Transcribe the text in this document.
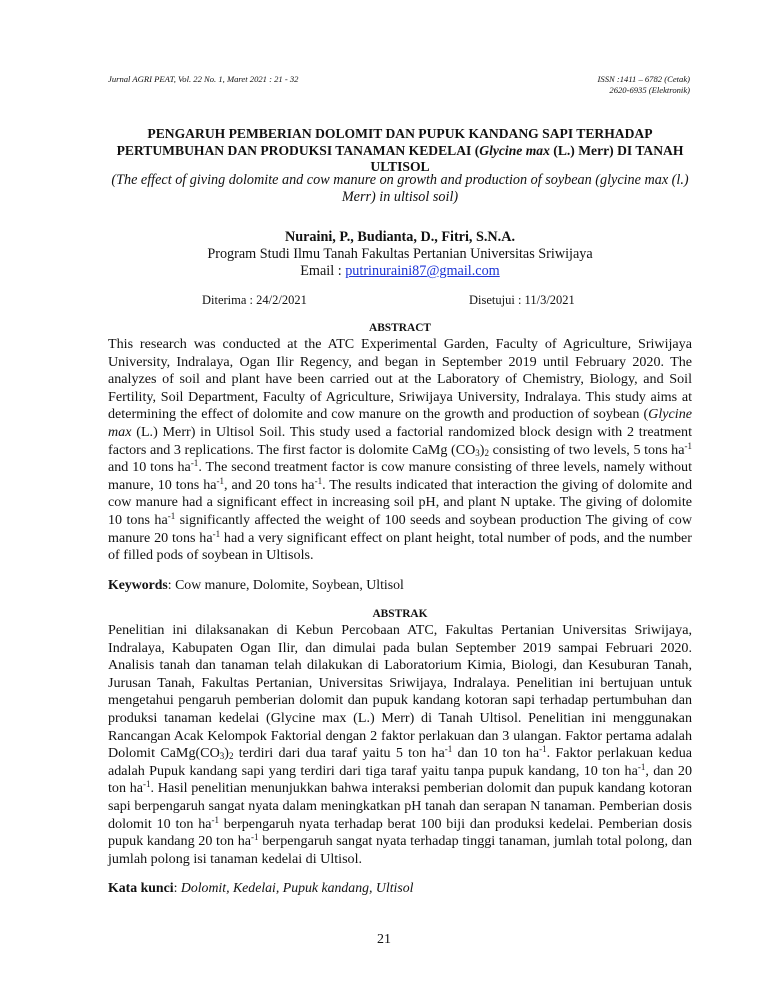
Jurnal AGRI PEAT, Vol. 22 No. 1, Maret 2021 : 21 - 32	ISSN :1411 – 6782 (Cetak)
2620-6935 (Elektronik)
PENGARUH PEMBERIAN DOLOMIT DAN PUPUK KANDANG SAPI TERHADAP PERTUMBUHAN DAN PRODUKSI TANAMAN KEDELAI (Glycine max (L.) Merr) DI TANAH ULTISOL
(The effect of giving dolomite and cow manure on growth and production of soybean (glycine max (l.) Merr) in ultisol soil)
Nuraini, P., Budianta, D., Fitri, S.N.A.
Program Studi Ilmu Tanah Fakultas Pertanian Universitas Sriwijaya
Email : putrinuraini87@gmail.com
Diterima : 24/2/2021	Disetujui : 11/3/2021
ABSTRACT

This research was conducted at the ATC Experimental Garden, Faculty of Agriculture, Sriwijaya University, Indralaya, Ogan Ilir Regency, and began in September 2019 until February 2020. The analyzes of soil and plant have been carried out at the Laboratory of Chemistry, Biology, and Soil Fertility, Soil Department, Faculty of Agriculture, Sriwijaya University, Indralaya. This study aims at determining the effect of dolomite and cow manure on the growth and production of soybean (Glycine max (L.) Merr) in Ultisol Soil. This study used a factorial randomized block design with 2 treatment factors and 3 replications. The first factor is dolomite CaMg $(CO_3)_2$ consisting of two levels, 5 tons $ha^{-1}$ and 10 tons $ha^{-1}$. The second treatment factor is cow manure consisting of three levels, namely without manure, 10 tons $ha^{-1}$, and 20 tons $ha^{-1}$. The results indicated that interaction the giving of dolomite and cow manure had a significant effect in increasing soil pH, and plant N uptake. The giving of dolomite 10 tons $ha^{-1}$ significantly affected the weight of 100 seeds and soybean production The giving of cow manure 20 tons $ha^{-1}$ had a very significant effect on plant height, total number of pods, and the number of filled pods of soybean in Ultisols.

Keywords: Cow manure, Dolomite, Soybean, Ultisol
ABSTRAK

Penelitian ini dilaksanakan di Kebun Percobaan ATC, Fakultas Pertanian Universitas Sriwijaya, Indralaya, Kabupaten Ogan Ilir, dan dimulai pada bulan September 2019 sampai Februari 2020. Analisis tanah dan tanaman telah dilakukan di Laboratorium Kimia, Biologi, dan Kesuburan Tanah, Jurusan Tanah, Fakultas Pertanian, Universitas Sriwijaya, Indralaya. Penelitian ini bertujuan untuk mengetahui pengaruh pemberian dolomit dan pupuk kandang kotoran sapi terhadap pertumbuhan dan produksi tanaman kedelai (Glycine max (L.) Merr) di Tanah Ultisol. Penelitian ini menggunakan Rancangan Acak Kelompok Faktorial dengan 2 faktor perlakuan dan 3 ulangan. Faktor pertama adalah Dolomit $CaMg(CO_3)_2$ terdiri dari dua taraf yaitu 5 ton $ha^{-1}$ dan 10 ton $ha^{-1}$. Faktor perlakuan kedua adalah Pupuk kandang sapi yang terdiri dari tiga taraf yaitu tanpa pupuk kandang, 10 ton $ha^{-1}$, dan 20 ton $ha^{-1}$. Hasil penelitian menunjukkan bahwa interaksi pemberian dolomit dan pupuk kandang kotoran sapi berpengaruh sangat nyata dalam meningkatkan pH tanah dan serapan N tanaman. Pemberian dosis dolomit 10 ton $ha^{-1}$ berpengaruh nyata terhadap berat 100 biji dan produksi kedelai. Pemberian dosis pupuk kandang 20 ton $ha^{-1}$ berpengaruh sangat nyata terhadap tinggi tanaman, jumlah total polong, dan jumlah polong isi tanaman kedelai di Ultisol.

Kata kunci: Dolomit, Kedelai, Pupuk kandang, Ultisol
21
